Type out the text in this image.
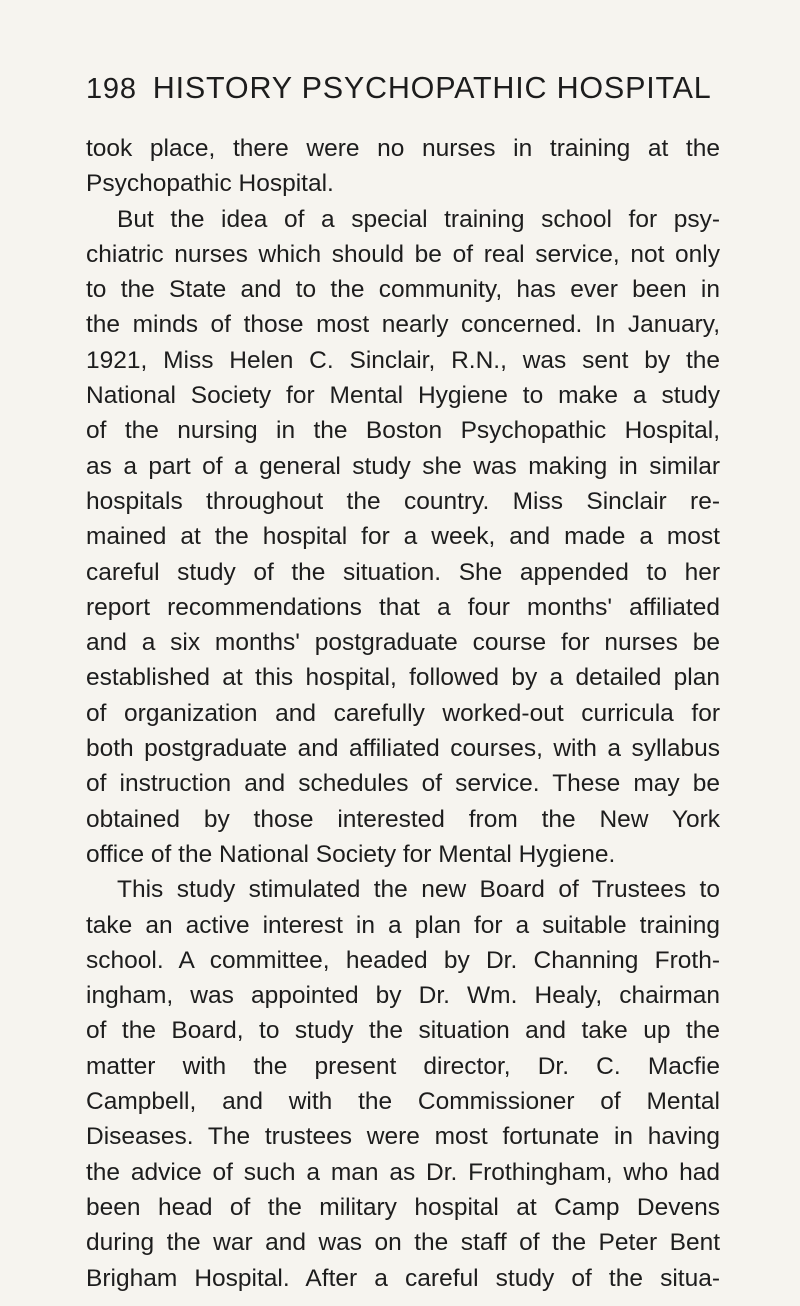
198 HISTORY PSYCHOPATHIC HOSPITAL
took place, there were no nurses in training at the
Psychopathic Hospital.
But the idea of a special training school for psy-
chiatric nurses which should be of real service, not only
to the State and to the community, has ever been in
the minds of those most nearly concerned. In January,
1921, Miss Helen C. Sinclair, R.N., was sent by the
National Society for Mental Hygiene to make a study
of the nursing in the Boston Psychopathic Hospital,
as a part of a general study she was making in similar
hospitals throughout the country. Miss Sinclair re-
mained at the hospital for a week, and made a most
careful study of the situation. She appended to her
report recommendations that a four months' affiliated
and a six months' postgraduate course for nurses be
established at this hospital, followed by a detailed plan
of organization and carefully worked-out curricula for
both postgraduate and affiliated courses, with a syllabus
of instruction and schedules of service. These may be
obtained by those interested from the New York
office of the National Society for Mental Hygiene.
This study stimulated the new Board of Trustees to
take an active interest in a plan for a suitable training
school. A committee, headed by Dr. Channing Froth-
ingham, was appointed by Dr. Wm. Healy, chairman
of the Board, to study the situation and take up the
matter with the present director, Dr. C. Macfie
Campbell, and with the Commissioner of Mental
Diseases. The trustees were most fortunate in having
the advice of such a man as Dr. Frothingham, who had
been head of the military hospital at Camp Devens
during the war and was on the staff of the Peter Bent
Brigham Hospital. After a careful study of the situa-
